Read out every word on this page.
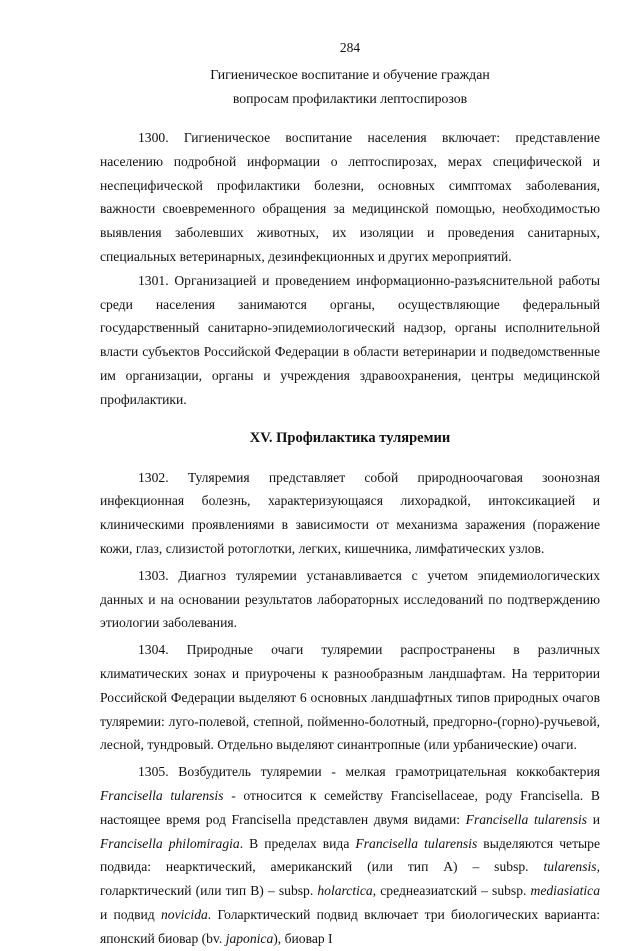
284

Гигиеническое воспитание и обучение граждан

вопросам профилактики лептоспирозов

1300. Гигиеническое воспитание населения включает: представление населению подробной информации о лептоспирозах, мерах специфической и неспецифической профилактики болезни, основных симптомах заболевания, важности своевременного обращения за медицинской помощью, необходимостью выявления заболевших животных, их изоляции и проведения санитарных, специальных ветеринарных, дезинфекционных и других мероприятий.

1301. Организацией и проведением информационно-разъяснительной работы среди населения занимаются органы, осуществляющие федеральный государственный санитарно-эпидемиологический надзор, органы исполнительной власти субъектов Российской Федерации в области ветеринарии и подведомственные им организации, органы и учреждения здравоохранения, центры медицинской профилактики.

XV. Профилактика туляремии

1302. Туляремия представляет собой природноочаговая зоонозная инфекционная болезнь, характеризующаяся лихорадкой, интоксикацией и клиническими проявлениями в зависимости от механизма заражения (поражение кожи, глаз, слизистой ротоглотки, легких, кишечника, лимфатических узлов.

1303. Диагноз туляремии устанавливается с учетом эпидемиологических данных и на основании результатов лабораторных исследований по подтверждению этиологии заболевания.

1304. Природные очаги туляремии распространены в различных климатических зонах и приурочены к разнообразным ландшафтам. На территории Российской Федерации выделяют 6 основных ландшафтных типов природных очагов туляремии: луго-полевой, степной, пойменно-болотный, предгорно-(горно)-ручьевой, лесной, тундровый. Отдельно выделяют синантропные (или урбанические) очаги.

1305. Возбудитель туляремии - мелкая грамотрицательная коккобактерия Francisella tularensis - относится к семейству Francisellaceae, роду Francisella. В настоящее время род Francisella представлен двумя видами: Francisella tularensis и Francisella philomiragia. В пределах вида Francisella tularensis выделяются четыре подвида: неарктический, американский (или тип А) – subsp. tularensis, голарктический (или тип В) – subsp. holarctica, среднеазиатский – subsp. mediasiatica и подвид novicida. Голарктический подвид включает три биологических варианта: японский биовар (bv. japonica), биовар I
